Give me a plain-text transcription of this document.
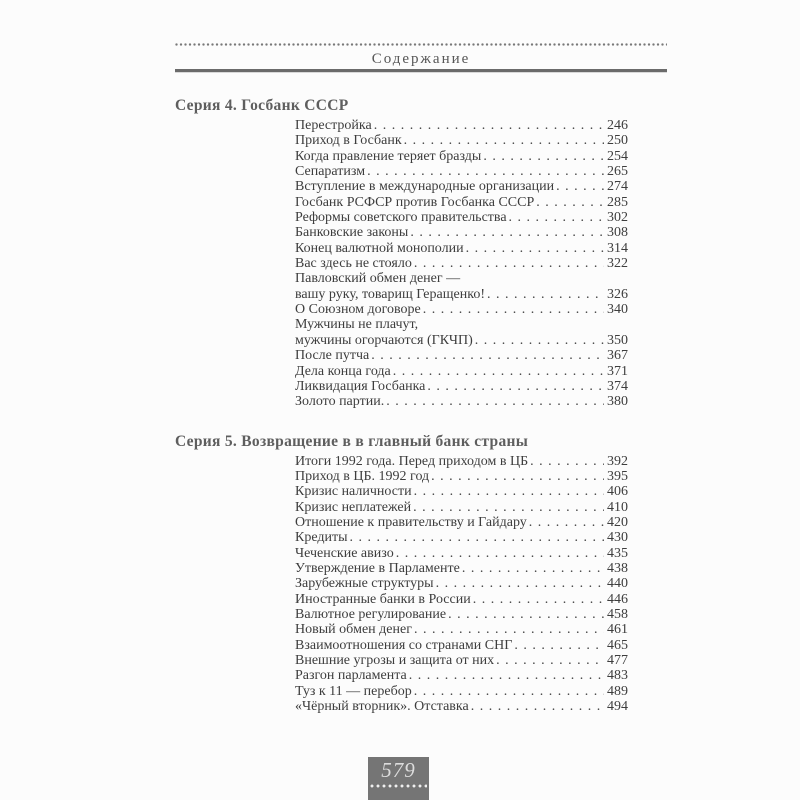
Содержание
Серия 4. Госбанк СССР
Перестройка . . .	246
Приход в Госбанк . . .	250
Когда правление теряет бразды . . .	254
Сепаратизм . . .	265
Вступление в международные организации . . .	274
Госбанк РСФСР против Госбанка СССР . . .	285
Реформы советского правительства . . .	302
Банковские законы . . .	308
Конец валютной монополии . . .	314
Вас здесь не стояло . . .	322
Павловский обмен денег —
вашу руку, товарищ Геращенко! . . .	326
О Союзном договоре . . .	340
Мужчины не плачут,
мужчины огорчаются (ГКЧП) . . .	350
После путча . . .	367
Дела конца года . . .	371
Ликвидация Госбанка . . .	374
Золото партии. . . .	380
Серия 5. Возвращение в в главный банк страны
Итоги 1992 года. Перед приходом в ЦБ . . .	392
Приход в ЦБ. 1992 год . . .	395
Кризис наличности . . .	406
Кризис неплатежей . . .	410
Отношение к правительству и Гайдару . . .	420
Кредиты . . .	430
Чеченские авизо . . .	435
Утверждение в Парламенте . . .	438
Зарубежные структуры . . .	440
Иностранные банки в России . . .	446
Валютное регулирование . . .	458
Новый обмен денег . . .	461
Взаимоотношения со странами СНГ . . .	465
Внешние угрозы и защита от них . . .	477
Разгон парламента . . .	483
Туз к 11 — перебор . . .	489
«Чёрный вторник». Отставка . . .	494
579
